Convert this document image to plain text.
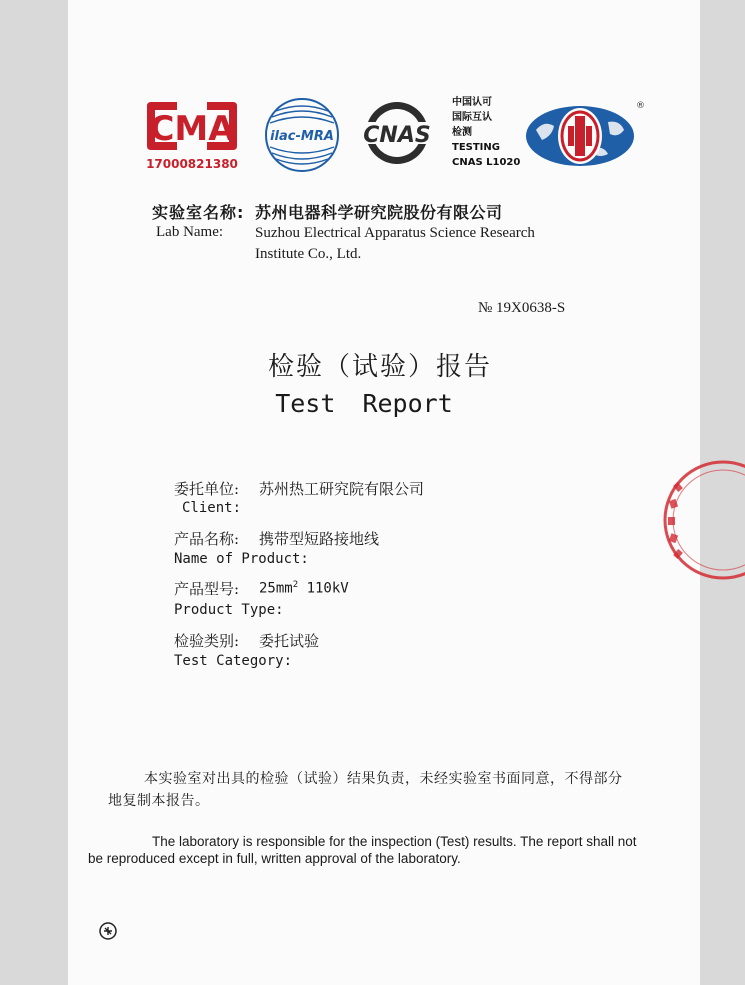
CMA
17000821380
ilac-MRA CNAS
中国认可
国际互认
检测
TESTING
CNAS L1020
®
实验室名称: 苏州电器科学研究院股份有限公司
Lab Name: Suzhou Electrical Apparatus Science Research
Institute Co., Ltd.
№ 19X0638-S
检验（试验）报告
Test Report
委托单位: 苏州热工研究院有限公司
Client:
产品名称: 携带型短路接地线
Name of Product:
产品型号: $25mm^2$ 110kV
Product Type:
检验类别: 委托试验
Test Category:
本实验室对出具的检验（试验）结果负责，未经实验室书面同意，不得部分地复制本报告。
The laboratory is responsible for the inspection (Test) results. The report shall not be reproduced except in full, written approval of the laboratory.
